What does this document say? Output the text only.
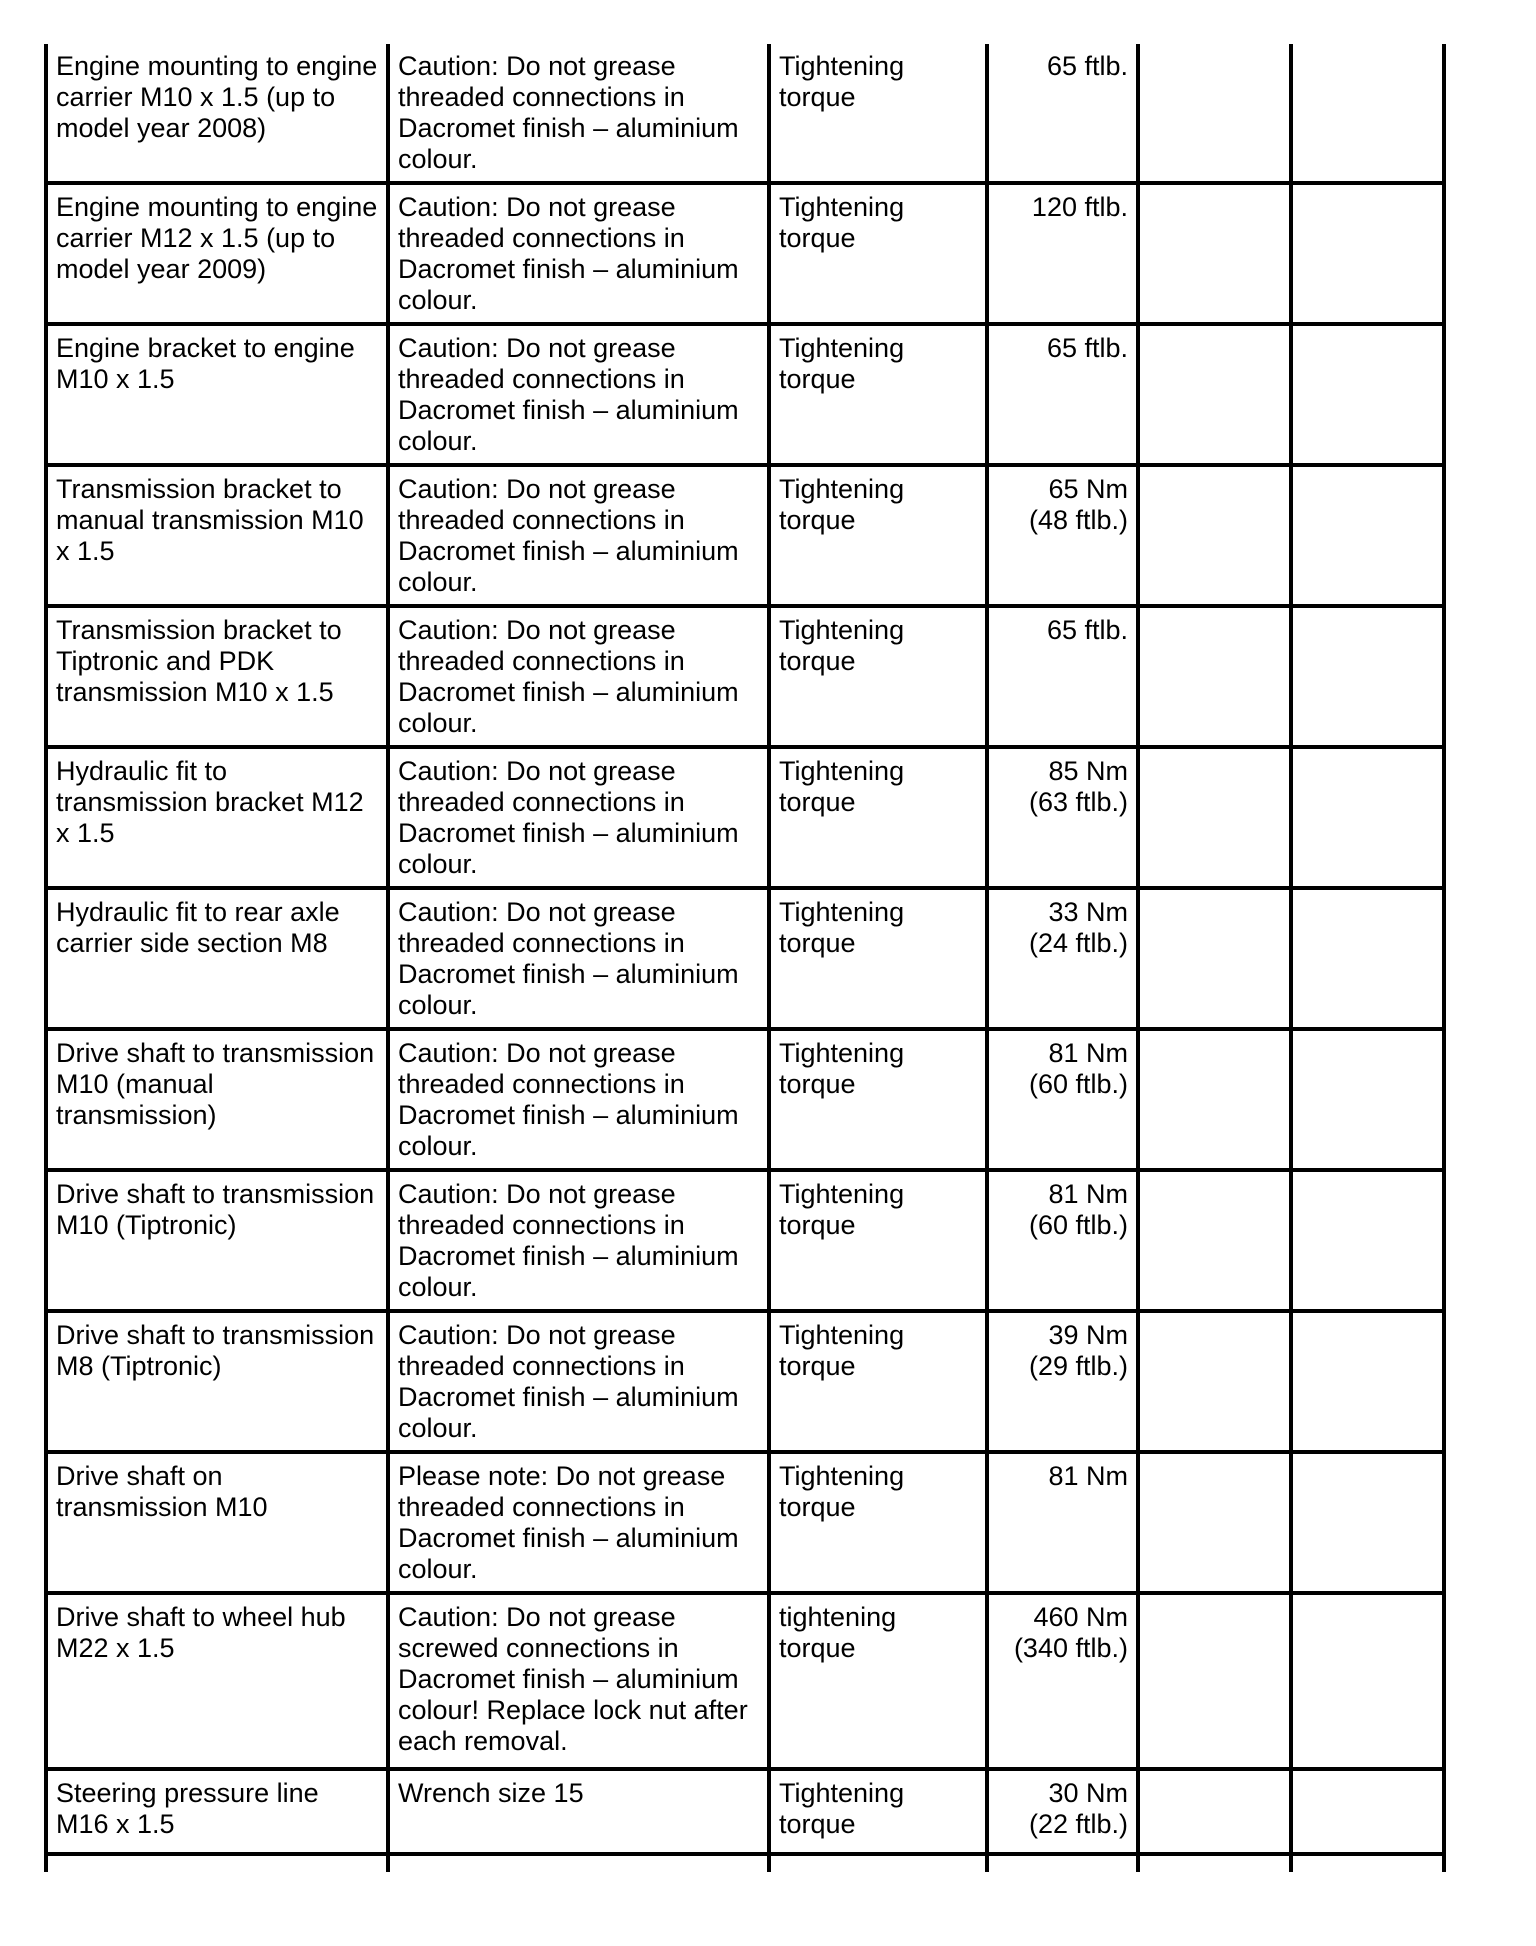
Engine mounting to engine carrier M10 x 1.5 (up to model year 2008)	Caution: Do not grease threaded connections in Dacromet finish – aluminium colour.	Tightening torque	65 ftlb.		

Engine mounting to engine carrier M12 x 1.5 (up to model year 2009)	Caution: Do not grease threaded connections in Dacromet finish – aluminium colour.	Tightening torque	120 ftlb.		

Engine bracket to engine M10 x 1.5	Caution: Do not grease threaded connections in Dacromet finish – aluminium colour.	Tightening torque	65 ftlb.		

Transmission bracket to manual transmission M10 x 1.5	Caution: Do not grease threaded connections in Dacromet finish – aluminium colour.	Tightening torque	65 Nm
(48 ftlb.)		

Transmission bracket to Tiptronic and PDK transmission M10 x 1.5	Caution: Do not grease threaded connections in Dacromet finish – aluminium colour.	Tightening torque	65 ftlb.		

Hydraulic fit to transmission bracket M12 x 1.5	Caution: Do not grease threaded connections in Dacromet finish – aluminium colour.	Tightening torque	85 Nm
(63 ftlb.)		

Hydraulic fit to rear axle carrier side section M8	Caution: Do not grease threaded connections in Dacromet finish – aluminium colour.	Tightening torque	33 Nm
(24 ftlb.)		

Drive shaft to transmission M10 (manual transmission)	Caution: Do not grease threaded connections in Dacromet finish – aluminium colour.	Tightening torque	81 Nm
(60 ftlb.)		

Drive shaft to transmission M10 (Tiptronic)	Caution: Do not grease threaded connections in Dacromet finish – aluminium colour.	Tightening torque	81 Nm
(60 ftlb.)		

Drive shaft to transmission M8 (Tiptronic)	Caution: Do not grease threaded connections in Dacromet finish – aluminium colour.	Tightening torque	39 Nm
(29 ftlb.)		

Drive shaft on transmission M10	Please note: Do not grease threaded connections in Dacromet finish – aluminium colour.	Tightening torque	81 Nm		

Drive shaft to wheel hub M22 x 1.5	Caution: Do not grease screwed connections in Dacromet finish – aluminium colour! Replace lock nut after each removal.	tightening torque	460 Nm
(340 ftlb.)		

Steering pressure line M16 x 1.5	Wrench size 15	Tightening torque	30 Nm
(22 ftlb.)		
